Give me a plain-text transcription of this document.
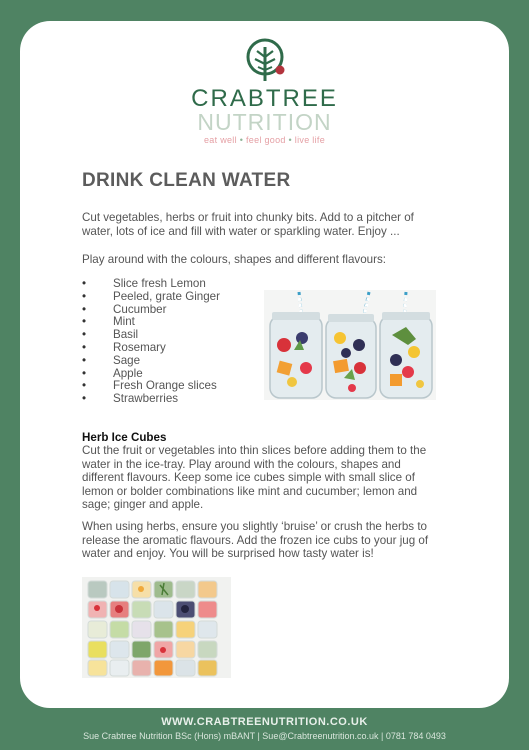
CRABTREE
NUTRITION
eat well • feel good • live life
DRINK CLEAN WATER
Cut vegetables, herbs or fruit into chunky bits. Add to a pitcher of water, lots of ice and fill with water or sparkling water. Enjoy ...
Play around with the colours, shapes and different flavours:
• Slice fresh Lemon
• Peeled, grate Ginger
• Cucumber
• Mint
• Basil
• Rosemary
• Sage
• Apple
• Fresh Orange slices
• Strawberries
Herb Ice Cubes
Cut the fruit or vegetables into thin slices before adding them to the water in the ice-tray. Play around with the colours, shapes and different flavours. Keep some ice cubes simple with small slice of lemon or bolder combinations like mint and cucumber; lemon and sage; ginger and apple.
When using herbs, ensure you slightly ‘bruise’ or crush the herbs to release the aromatic flavours. Add the frozen ice cubs to your jug of water and enjoy. You will be surprised how tasty water is!
WWW.CRABTREENUTRITION.CO.UK
Sue Crabtree Nutrition BSc (Hons) mBANT | Sue@Crabtreenutrition.co.uk | 0781 784 0493
